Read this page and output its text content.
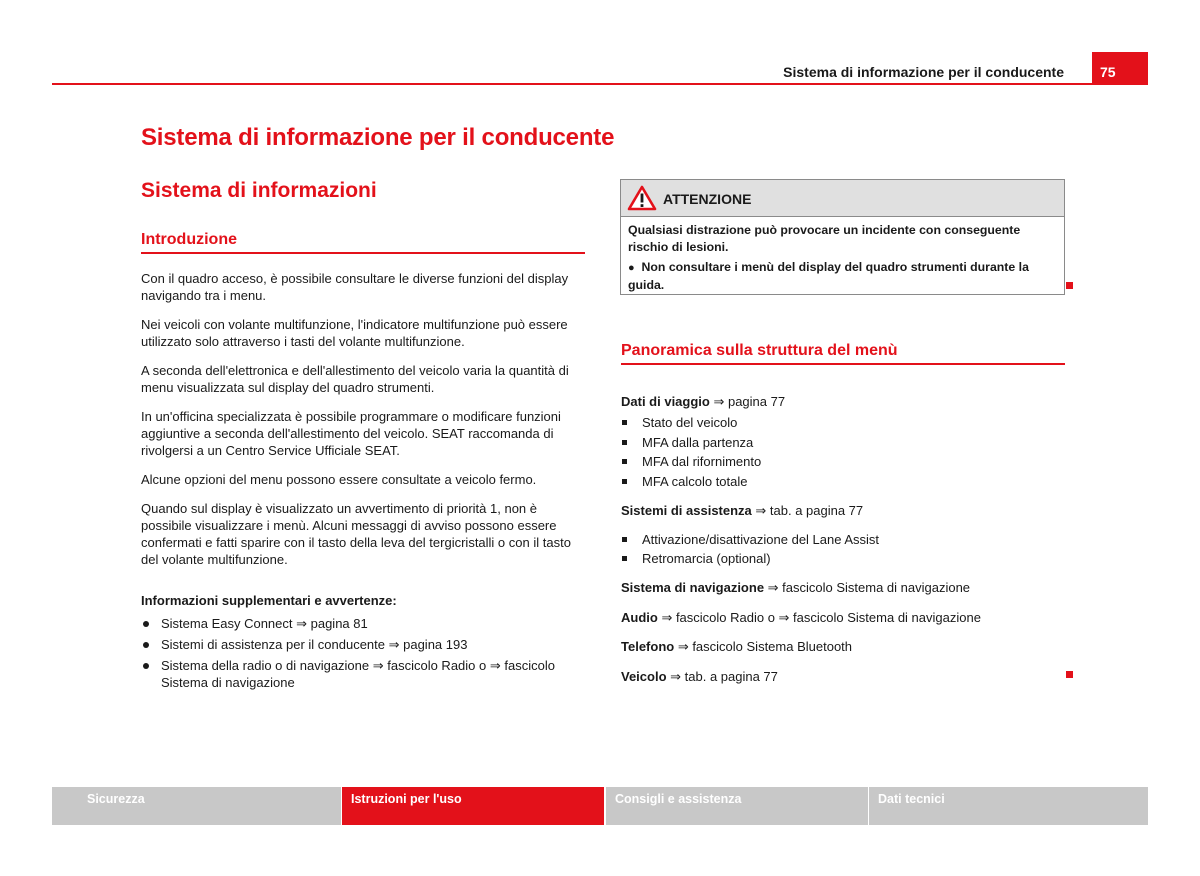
Sistema di informazione per il conducente	75
Sistema di informazione per il conducente
Sistema di informazioni
Introduzione

Con il quadro acceso, è possibile consultare le diverse funzioni del display navigando tra i menu.

Nei veicoli con volante multifunzione, l'indicatore multifunzione può essere utilizzato solo attraverso i tasti del volante multifunzione.

A seconda dell'elettronica e dell'allestimento del veicolo varia la quantità di menu visualizzata sul display del quadro strumenti.

In un'officina specializzata è possibile programmare o modificare funzioni aggiuntive a seconda dell'allestimento del veicolo. SEAT raccomanda di rivolgersi a un Centro Service Ufficiale SEAT.

Alcune opzioni del menu possono essere consultate a veicolo fermo.

Quando sul display è visualizzato un avvertimento di priorità 1, non è possibile visualizzare i menù. Alcuni messaggi di avviso possono essere confermati e fatti sparire con il tasto della leva del tergicristalli o con il tasto del volante multifunzione.

Informazioni supplementari e avvertenze:

Sistema Easy Connect ⇒ pagina 81
Sistemi di assistenza per il conducente ⇒ pagina 193
Sistema della radio o di navigazione ⇒ fascicolo Radio o ⇒ fascicolo Sistema di navigazione
ATTENZIONE
Qualsiasi distrazione può provocare un incidente con conseguente rischio di lesioni.
● Non consultare i menù del display del quadro strumenti durante la guida.
Panoramica sulla struttura del menù

Dati di viaggio ⇒ pagina 77

Stato del veicolo
MFA dalla partenza
MFA dal rifornimento
MFA calcolo totale

Sistemi di assistenza ⇒ tab. a pagina 77

Attivazione/disattivazione del Lane Assist
Retromarcia (optional)

Sistema di navigazione ⇒ fascicolo Sistema di navigazione

Audio ⇒ fascicolo Radio o ⇒ fascicolo Sistema di navigazione

Telefono ⇒ fascicolo Sistema Bluetooth

Veicolo ⇒ tab. a pagina 77

Sicurezza	Istruzioni per l'uso	Consigli e assistenza	Dati tecnici
